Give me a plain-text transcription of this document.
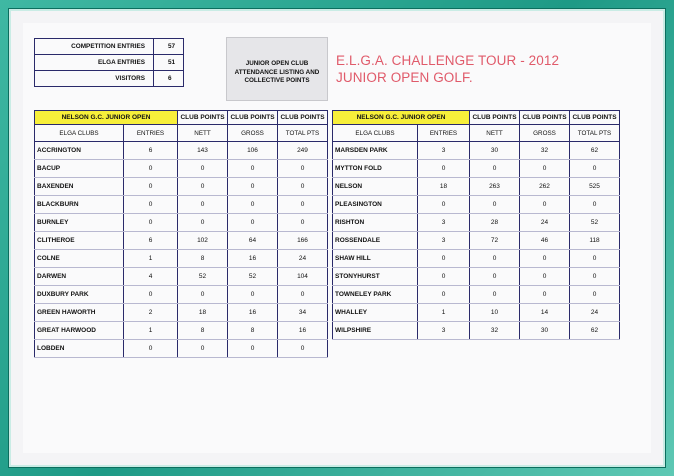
COMPETITION ENTRIES	57
ELGA ENTRIES	51
VISITORS	6
JUNIOR OPEN CLUB
ATTENDANCE LISTING AND
COLLECTIVE POINTS
E.L.G.A. CHALLENGE TOUR - 2012
JUNIOR OPEN GOLF.
NELSON G.C. JUNIOR OPEN		CLUB POINTS	CLUB POINTS	CLUB POINTS
ELGA CLUBS	ENTRIES	NETT	GROSS	TOTAL PTS
ACCRINGTON	6	143	106	249
BACUP	0	0	0	0
BAXENDEN	0	0	0	0
BLACKBURN	0	0	0	0
BURNLEY	0	0	0	0
CLITHEROE	6	102	64	166
COLNE	1	8	16	24
DARWEN	4	52	52	104
DUXBURY PARK	0	0	0	0
GREEN HAWORTH	2	18	16	34
GREAT HARWOOD	1	8	8	16
LOBDEN	0	0	0	0
NELSON G.C. JUNIOR OPEN		CLUB POINTS	CLUB POINTS	CLUB POINTS
ELGA CLUBS	ENTRIES	NETT	GROSS	TOTAL PTS
MARSDEN PARK	3	30	32	62
MYTTON FOLD	0	0	0	0
NELSON	18	263	262	525
PLEASINGTON	0	0	0	0
RISHTON	3	28	24	52
ROSSENDALE	3	72	46	118
SHAW HILL	0	0	0	0
STONYHURST	0	0	0	0
TOWNELEY PARK	0	0	0	0
WHALLEY	1	10	14	24
WILPSHIRE	3	32	30	62
